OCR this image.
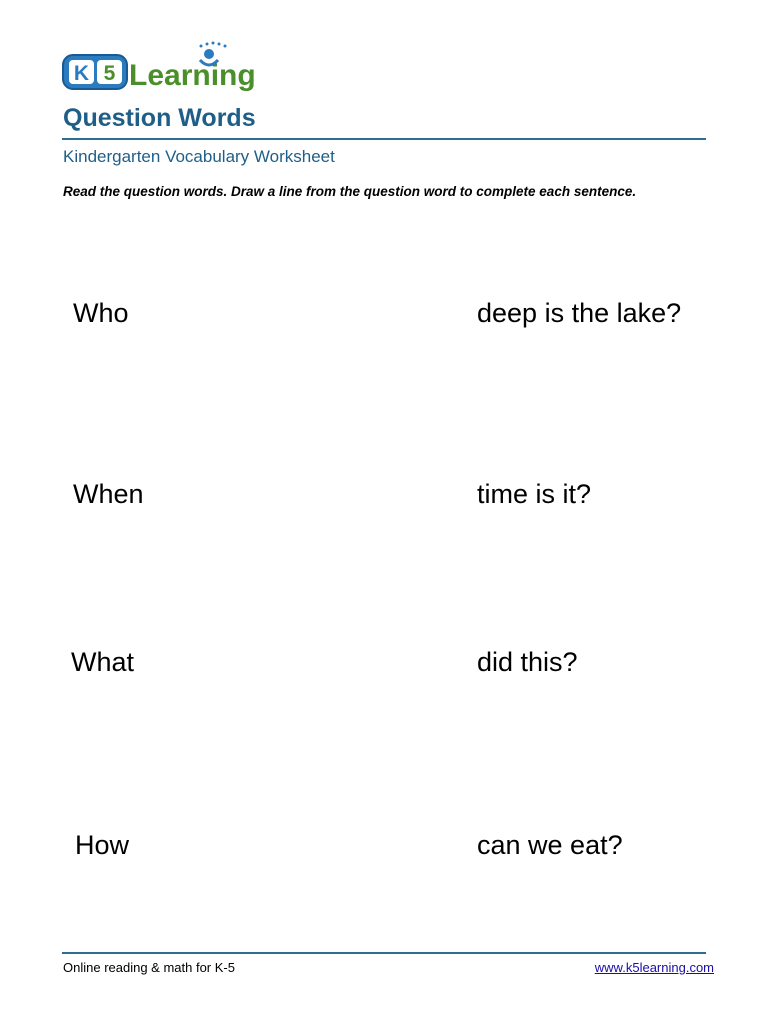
K 5 Learning
Question Words
Kindergarten Vocabulary Worksheet
Read the question words. Draw a line from the question word to complete each sentence.
Who	deep is the lake?
When	time is it?
What	did this?
How	can we eat?
Online reading & math for K-5	www.k5learning.com
